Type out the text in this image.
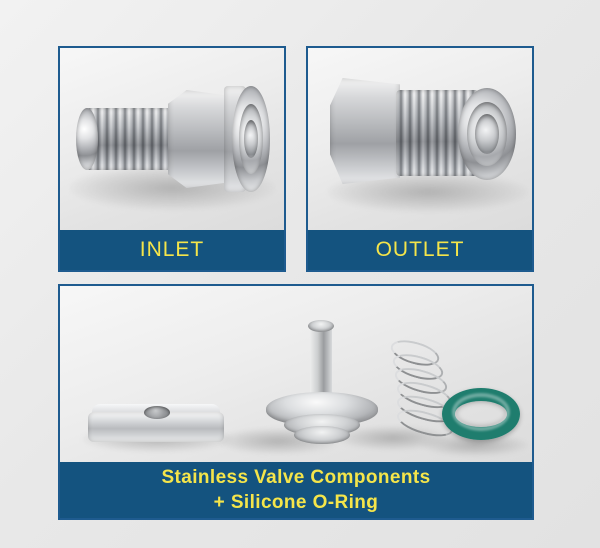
INLET	OUTLET
Stainless Valve Components
+ Silicone O-Ring
